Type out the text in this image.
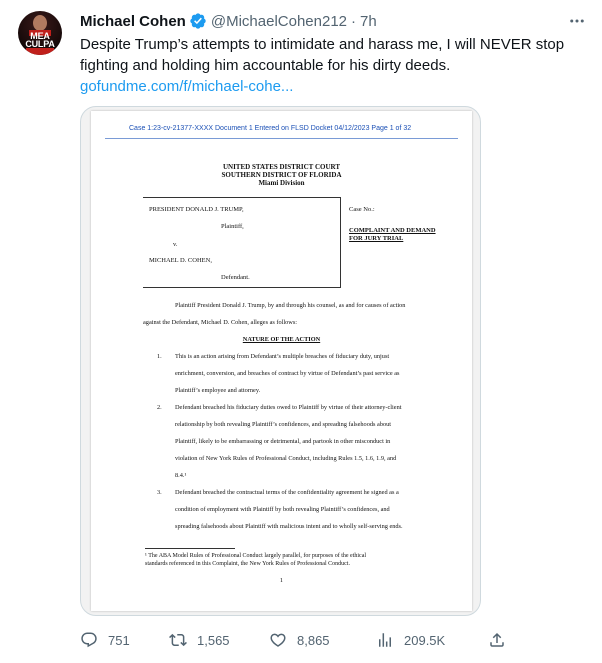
MEA
CULPA
Michael Cohen @MichaelCohen212 · 7h

Despite Trump’s attempts to intimidate and harass me, I will NEVER stop fighting and holding him accountable for his dirty deeds.

gofundme.com/f/michael-cohe...
Case 1:23-cv-21377-XXXX Document 1 Entered on FLSD Docket 04/12/2023 Page 1 of 32
UNITED STATES DISTRICT COURT
SOUTHERN DISTRICT OF FLORIDA
Miami Division
PRESIDENT DONALD J. TRUMP,
Plaintiff,
v.
MICHAEL D. COHEN,
Defendant.
Case No.:
COMPLAINT AND DEMAND
FOR JURY TRIAL
Plaintiff President Donald J. Trump, by and through his counsel, as and for causes of action
against the Defendant, Michael D. Cohen, alleges as follows:
NATURE OF THE ACTION
1. This is an action arising from Defendant’s multiple breaches of fiduciary duty, unjust
enrichment, conversion, and breaches of contract by virtue of Defendant’s past service as
Plaintiff’s employee and attorney.
2. Defendant breached his fiduciary duties owed to Plaintiff by virtue of their attorney-client
relationship by both revealing Plaintiff’s confidences, and spreading falsehoods about
Plaintiff, likely to be embarrassing or detrimental, and partook in other misconduct in
violation of New York Rules of Professional Conduct, including Rules 1.5, 1.6, 1.9, and
8.4.¹
3. Defendant breached the contractual terms of the confidentiality agreement he signed as a
condition of employment with Plaintiff by both revealing Plaintiff’s confidences, and
spreading falsehoods about Plaintiff with malicious intent and to wholly self-serving ends.
¹ The ABA Model Rules of Professional Conduct largely parallel, for purposes of the ethical
standards referenced in this Complaint, the New York Rules of Professional Conduct.
1
751	1,565	8,865	209.5K
